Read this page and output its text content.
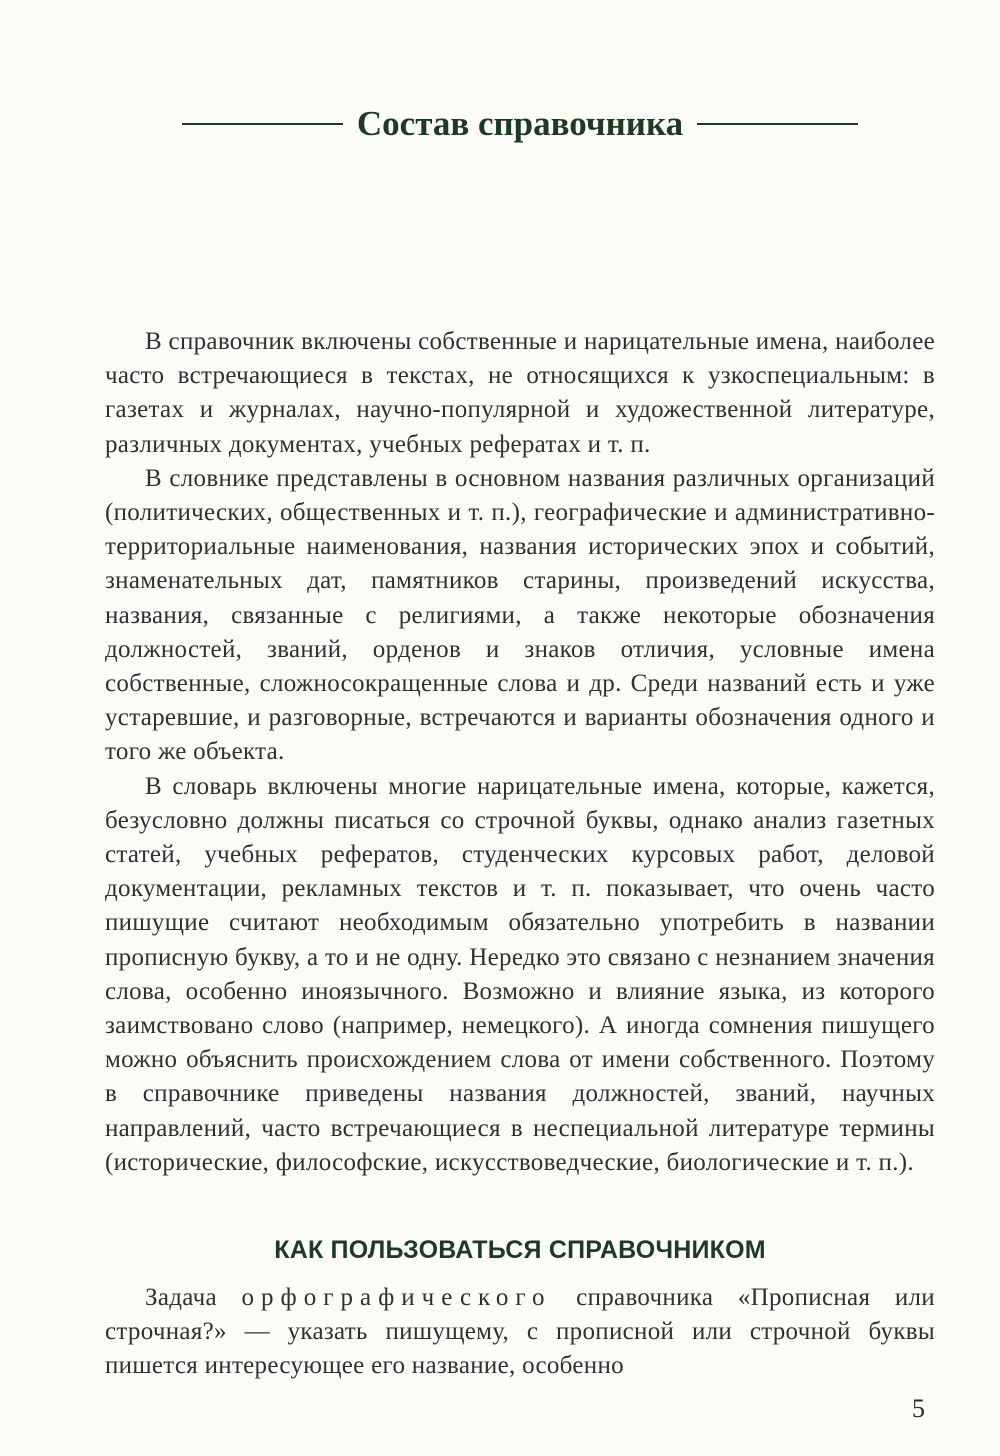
Состав справочника

В справочник включены собственные и нарицательные имена, наиболее часто встречающиеся в текстах, не относящихся к узкоспециальным: в газетах и журналах, научно-популярной и художественной литературе, различных документах, учебных рефератах и т. п.

В словнике представлены в основном названия различных организаций (политических, общественных и т. п.), географические и административно-территориальные наименования, названия исторических эпох и событий, знаменательных дат, памятников старины, произведений искусства, названия, связанные с религиями, а также некоторые обозначения должностей, званий, орденов и знаков отличия, условные имена собственные, сложносокращенные слова и др. Среди названий есть и уже устаревшие, и разговорные, встречаются и варианты обозначения одного и того же объекта.

В словарь включены многие нарицательные имена, которые, кажется, безусловно должны писаться со строчной буквы, однако анализ газетных статей, учебных рефератов, студенческих курсовых работ, деловой документации, рекламных текстов и т. п. показывает, что очень часто пишущие считают необходимым обязательно употребить в названии прописную букву, а то и не одну. Нередко это связано с незнанием значения слова, особенно иноязычного. Возможно и влияние языка, из которого заимствовано слово (например, немецкого). А иногда сомнения пишущего можно объяснить происхождением слова от имени собственного. Поэтому в справочнике приведены названия должностей, званий, научных направлений, часто встречающиеся в неспециальной литературе термины (исторические, философские, искусствоведческие, биологические и т. п.).

КАК ПОЛЬЗОВАТЬСЯ СПРАВОЧНИКОМ

Задача орфографического справочника «Прописная или строчная?» — указать пишущему, с прописной или строчной буквы пишется интересующее его название, особенно

5
